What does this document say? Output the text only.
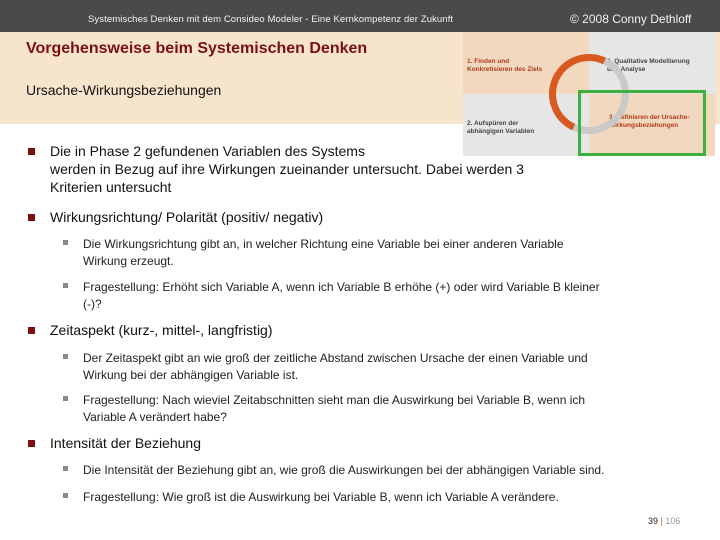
Systemisches Denken mit dem Consideo Modeler - Eine Kernkompetenz der Zukunft	© 2008 Conny Dethloff
Vorgehensweise beim Systemischen Denken
Ursache-Wirkungsbeziehungen
1. Finden und Konkretisieren des Ziels
4. Qualitative Modellierung und Analyse
2. Aufspüren der abhängigen Variablen
3. Definieren der Ursache-Wirkungsbeziehungen
Die in Phase 2 gefundenen Variablen des Systems
werden in Bezug auf ihre Wirkungen zueinander untersucht. Dabei werden 3
Kriterien untersucht
Wirkungsrichtung/ Polarität (positiv/ negativ)
Die Wirkungsrichtung gibt an, in welcher Richtung eine Variable bei einer anderen Variable
Wirkung erzeugt.
Fragestellung: Erhöht sich Variable A, wenn ich Variable B erhöhe (+) oder wird Variable B kleiner
(-)?
Zeitaspekt (kurz-, mittel-, langfristig)
Der Zeitaspekt gibt an wie groß der zeitliche Abstand zwischen Ursache der einen Variable und
Wirkung bei der abhängigen Variable ist.
Fragestellung: Nach wieviel Zeitabschnitten sieht man die Auswirkung bei Variable B, wenn ich
Variable A verändert habe?
Intensität der Beziehung
Die Intensität der Beziehung gibt an, wie groß die Auswirkungen bei der abhängigen Variable sind.
Fragestellung: Wie groß ist die Auswirkung bei Variable B, wenn ich Variable A verändere.
39 | 106
